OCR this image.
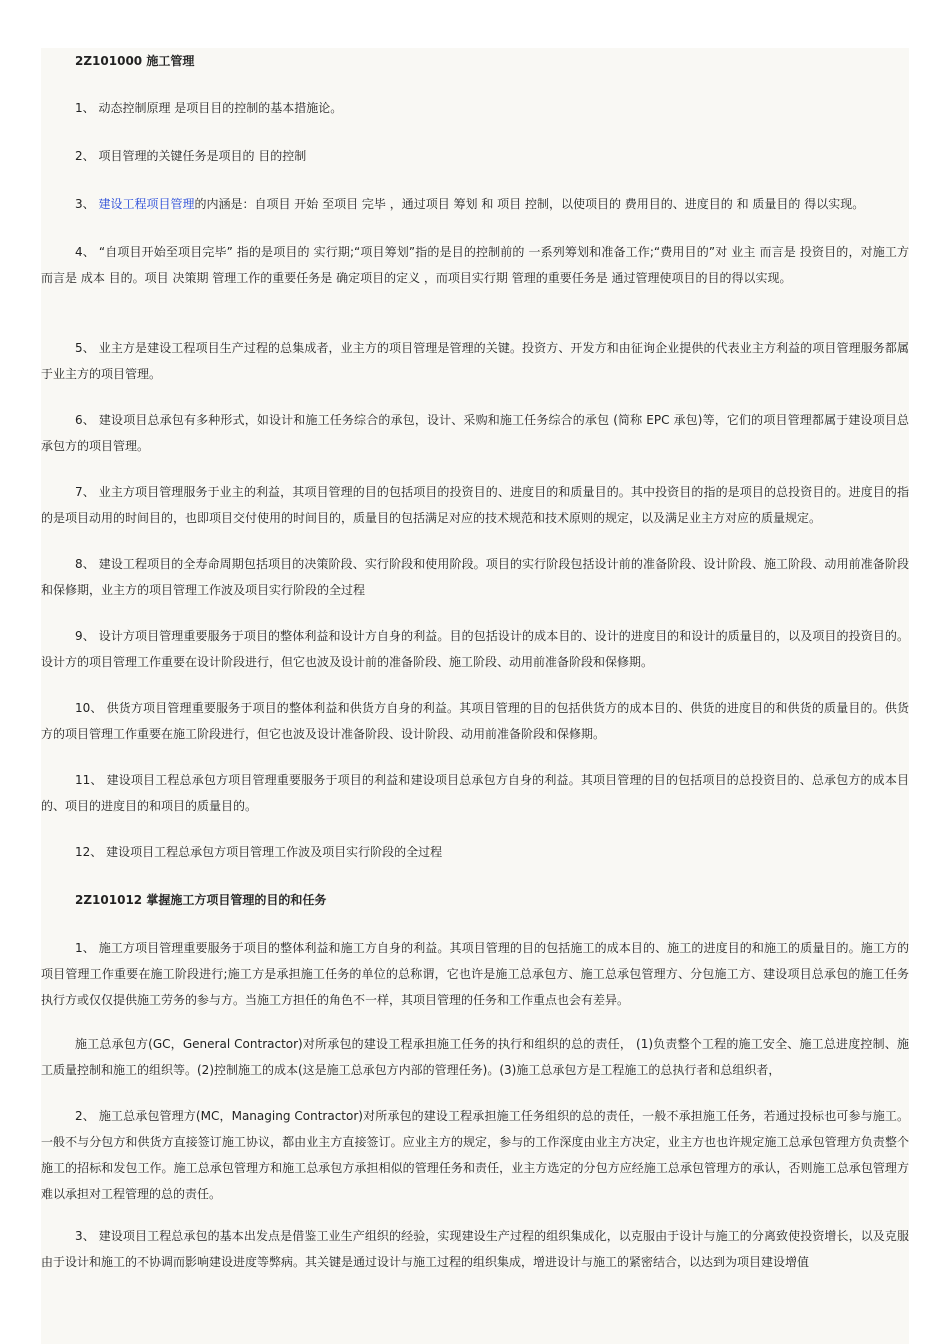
2Z101000 施工管理

1、 动态控制原理 是项目目的控制的基本措施论。

2、 项目管理的关键任务是项目的 目的控制

3、 建设工程项目管理的内涵是：自项目 开始 至项目 完毕 ，通过项目 筹划 和 项目 控制，以使项目的 费用目的、进度目的 和 质量目的 得以实现。

4、 “自项目开始至项目完毕” 指的是项目的 实行期;“项目筹划”指的是目的控制前的 一系列筹划和准备工作;“费用目的”对 业主 而言是 投资目的，对施工方而言是 成本 目的。项目 决策期 管理工作的重要任务是 确定项目的定义 ，而项目实行期 管理的重要任务是 通过管理使项目的目的得以实现。

5、 业主方是建设工程项目生产过程的总集成者，业主方的项目管理是管理的关键。投资方、开发方和由征询企业提供的代表业主方利益的项目管理服务都属于业主方的项目管理。

6、 建设项目总承包有多种形式，如设计和施工任务综合的承包，设计、采购和施工任务综合的承包 (简称 EPC 承包)等，它们的项目管理都属于建设项目总承包方的项目管理。

7、 业主方项目管理服务于业主的利益，其项目管理的目的包括项目的投资目的、进度目的和质量目的。其中投资目的指的是项目的总投资目的。进度目的指的是项目动用的时间目的，也即项目交付使用的时间目的，质量目的包括满足对应的技术规范和技术原则的规定，以及满足业主方对应的质量规定。

8、 建设工程项目的全寿命周期包括项目的决策阶段、实行阶段和使用阶段。项目的实行阶段包括设计前的准备阶段、设计阶段、施工阶段、动用前准备阶段和保修期，业主方的项目管理工作波及项目实行阶段的全过程

9、 设计方项目管理重要服务于项目的整体利益和设计方自身的利益。目的包括设计的成本目的、设计的进度目的和设计的质量目的，以及项目的投资目的。设计方的项目管理工作重要在设计阶段进行，但它也波及设计前的准备阶段、施工阶段、动用前准备阶段和保修期。

10、 供货方项目管理重要服务于项目的整体利益和供货方自身的利益。其项目管理的目的包括供货方的成本目的、供货的进度目的和供货的质量目的。供货方的项目管理工作重要在施工阶段进行，但它也波及设计准备阶段、设计阶段、动用前准备阶段和保修期。

11、 建设项目工程总承包方项目管理重要服务于项目的利益和建设项目总承包方自身的利益。其项目管理的目的包括项目的总投资目的、总承包方的成本目的、项目的进度目的和项目的质量目的。

12、 建设项目工程总承包方项目管理工作波及项目实行阶段的全过程

2Z101012 掌握施工方项目管理的目的和任务

1、 施工方项目管理重要服务于项目的整体利益和施工方自身的利益。其项目管理的目的包括施工的成本目的、施工的进度目的和施工的质量目的。施工方的项目管理工作重要在施工阶段进行;施工方是承担施工任务的单位的总称谓，它也许是施工总承包方、施工总承包管理方、分包施工方、建设项目总承包的施工任务执行方或仅仅提供施工劳务的参与方。当施工方担任的角色不一样，其项目管理的任务和工作重点也会有差异。

施工总承包方(GC，General Contractor)对所承包的建设工程承担施工任务的执行和组织的总的责任， (1)负责整个工程的施工安全、施工总进度控制、施工质量控制和施工的组织等。(2)控制施工的成本(这是施工总承包方内部的管理任务)。(3)施工总承包方是工程施工的总执行者和总组织者，

2、 施工总承包管理方(MC，Managing Contractor)对所承包的建设工程承担施工任务组织的总的责任，一般不承担施工任务，若通过投标也可参与施工。一般不与分包方和供货方直接签订施工协议，都由业主方直接签订。应业主方的规定，参与的工作深度由业主方决定，业主方也也许规定施工总承包管理方负责整个施工的招标和发包工作。施工总承包管理方和施工总承包方承担相似的管理任务和责任，业主方选定的分包方应经施工总承包管理方的承认，否则施工总承包管理方难以承担对工程管理的总的责任。

3、 建设项目工程总承包的基本出发点是借鉴工业生产组织的经验，实现建设生产过程的组织集成化，以克服由于设计与施工的分离致使投资增长，以及克服由于设计和施工的不协调而影响建设进度等弊病。其关键是通过设计与施工过程的组织集成，增进设计与施工的紧密结合，以达到为项目建设增值
